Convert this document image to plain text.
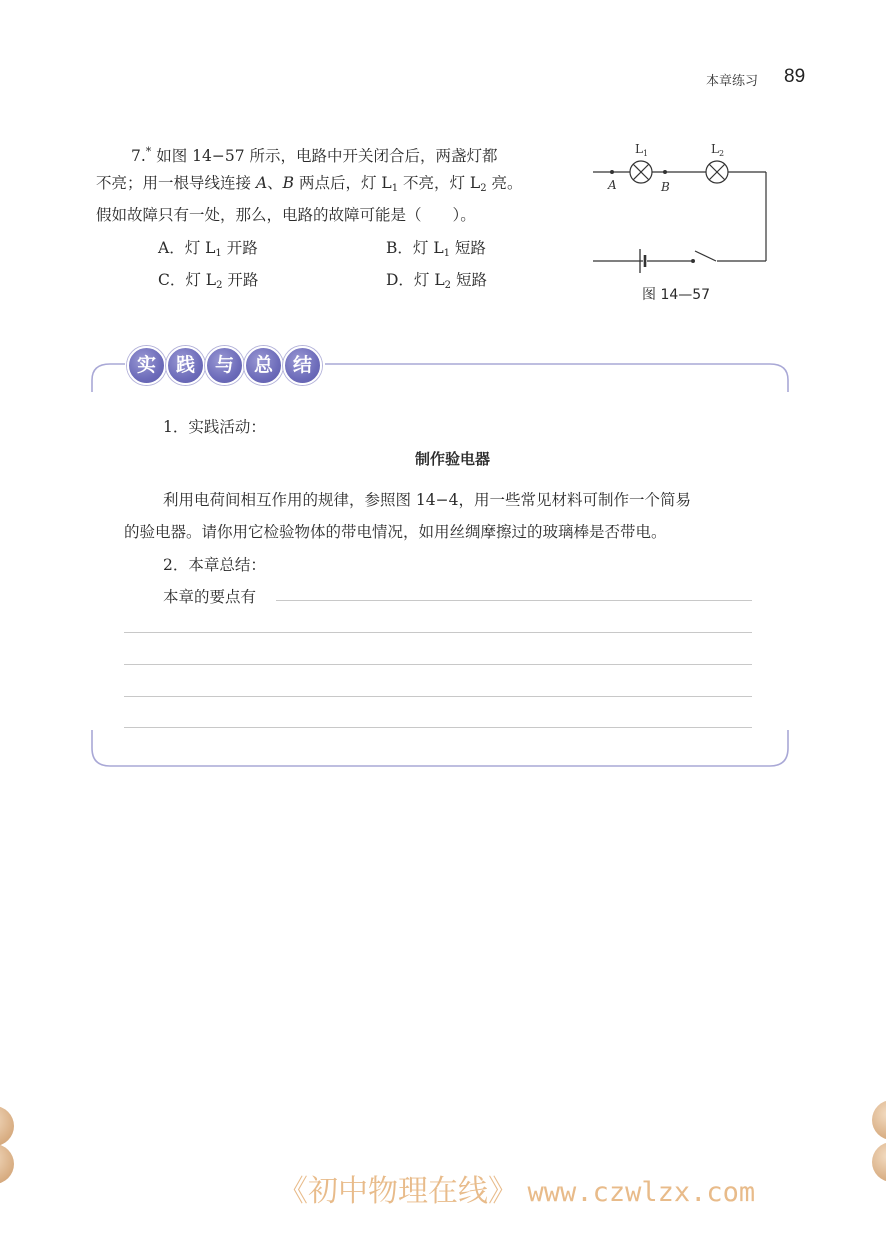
本章练习 89
7.* 如图 14−57 所示，电路中开关闭合后，两盏灯都
不亮；用一根导线连接 A、B 两点后，灯 $L_1$ 不亮，灯 $L_2$ 亮。
假如故障只有一处，那么，电路的故障可能是（　　）。
A．灯 $L_1$ 开路	B．灯 $L_1$ 短路
C．灯 $L_2$ 开路	D．灯 $L_2$ 短路
$L_1$	$L_2$
A	B
图 14—57
实	践	与	总	结
1．实践活动：
制作验电器
利用电荷间相互作用的规律，参照图 14−4，用一些常见材料可制作一个简易
的验电器。请你用它检验物体的带电情况，如用丝绸摩擦过的玻璃棒是否带电。
2．本章总结：
本章的要点有
《初中物理在线》 www.czwlzx.com
